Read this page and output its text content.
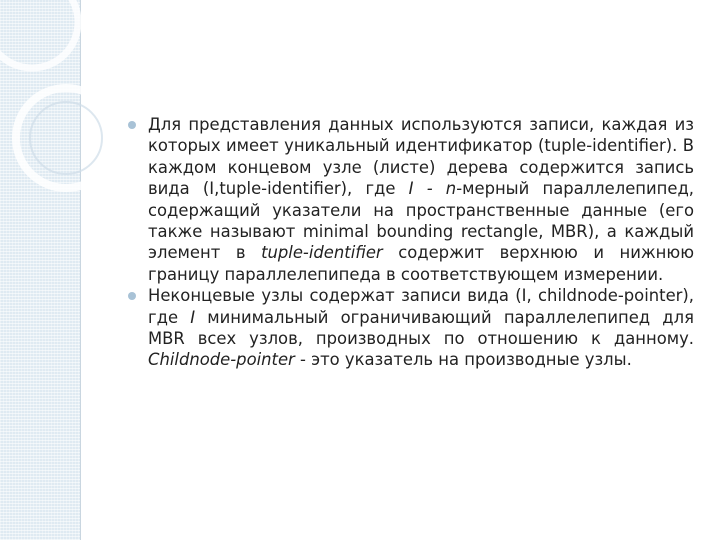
Для представления данных используются записи, каждая из которых имеет уникальный идентификатор (tuple-identifier). В каждом концевом узле (листе) дерева содержится запись вида (I,tuple-identifier), где I - n-мерный параллелепипед, содержащий указатели на пространственные данные (его также называют minimal bounding rectangle, MBR), а каждый элемент в tuple-identifier содержит верхнюю и нижнюю границу параллелепипеда в соответствующем измерении.
Неконцевые узлы содержат записи вида (I, childnode-pointer), где I минимальный ограничивающий параллелепипед для MBR всех узлов, производных по отношению к данному. Childnode-pointer - это указатель на производные узлы.
